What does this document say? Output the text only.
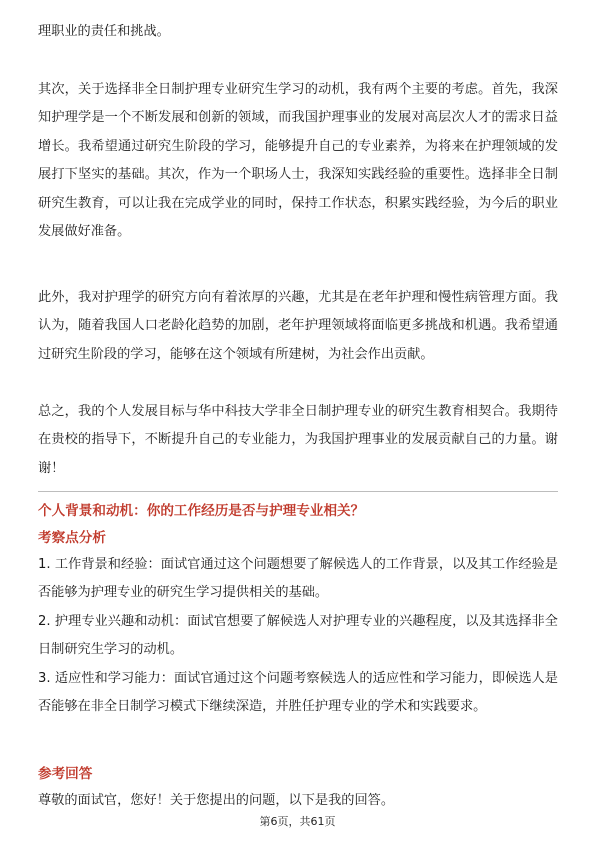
理职业的责任和挑战。

其次，关于选择非全日制护理专业研究生学习的动机，我有两个主要的考虑。首先，我深知护理学是一个不断发展和创新的领域，而我国护理事业的发展对高层次人才的需求日益增长。我希望通过研究生阶段的学习，能够提升自己的专业素养，为将来在护理领域的发展打下坚实的基础。其次，作为一个职场人士，我深知实践经验的重要性。选择非全日制研究生教育，可以让我在完成学业的同时，保持工作状态，积累实践经验，为今后的职业发展做好准备。

此外，我对护理学的研究方向有着浓厚的兴趣，尤其是在老年护理和慢性病管理方面。我认为，随着我国人口老龄化趋势的加剧，老年护理领域将面临更多挑战和机遇。我希望通过研究生阶段的学习，能够在这个领域有所建树，为社会作出贡献。

总之，我的个人发展目标与华中科技大学非全日制护理专业的研究生教育相契合。我期待在贵校的指导下，不断提升自己的专业能力，为我国护理事业的发展贡献自己的力量。谢谢！

个人背景和动机：你的工作经历是否与护理专业相关？

考察点分析

1. 工作背景和经验：面试官通过这个问题想要了解候选人的工作背景，以及其工作经验是否能够为护理专业的研究生学习提供相关的基础。
2. 护理专业兴趣和动机：面试官想要了解候选人对护理专业的兴趣程度，以及其选择非全日制研究生学习的动机。
3. 适应性和学习能力：面试官通过这个问题考察候选人的适应性和学习能力，即候选人是否能够在非全日制学习模式下继续深造，并胜任护理专业的学术和实践要求。

参考回答

尊敬的面试官，您好！关于您提出的问题，以下是我的回答。

第6页，共61页
